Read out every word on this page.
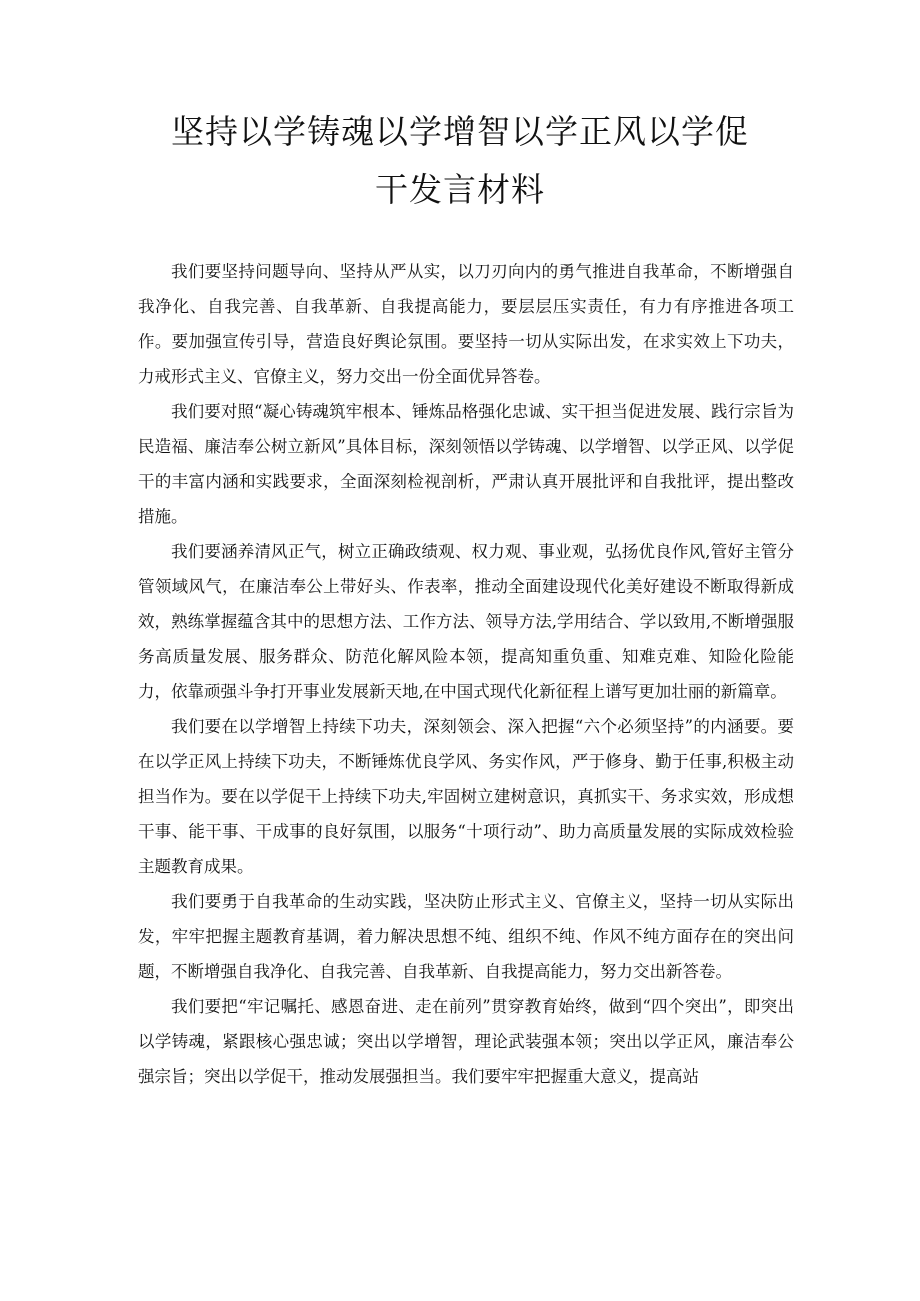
坚持以学铸魂以学增智以学正风以学促
干发言材料

我们要坚持问题导向、坚持从严从实，以刀刃向内的勇气推进自我革命，不断增强自我净化、自我完善、自我革新、自我提高能力，要层层压实责任，有力有序推进各项工作。要加强宣传引导，营造良好舆论氛围。要坚持一切从实际出发，在求实效上下功夫，力戒形式主义、官僚主义，努力交出一份全面优异答卷。

我们要对照“凝心铸魂筑牢根本、锤炼品格强化忠诚、实干担当促进发展、践行宗旨为民造福、廉洁奉公树立新风”具体目标，深刻领悟以学铸魂、以学增智、以学正风、以学促干的丰富内涵和实践要求，全面深刻检视剖析，严肃认真开展批评和自我批评，提出整改措施。

我们要涵养清风正气，树立正确政绩观、权力观、事业观，弘扬优良作风,管好主管分管领域风气，在廉洁奉公上带好头、作表率，推动全面建设现代化美好建设不断取得新成效，熟练掌握蕴含其中的思想方法、工作方法、领导方法,学用结合、学以致用,不断增强服务高质量发展、服务群众、防范化解风险本领，提高知重负重、知难克难、知险化险能力，依靠顽强斗争打开事业发展新天地,在中国式现代化新征程上谱写更加壮丽的新篇章。

我们要在以学增智上持续下功夫，深刻领会、深入把握“六个必须坚持”的内涵要。要在以学正风上持续下功夫，不断锤炼优良学风、务实作风，严于修身、勤于任事,积极主动担当作为。要在以学促干上持续下功夫,牢固树立建树意识，真抓实干、务求实效，形成想干事、能干事、干成事的良好氛围，以服务“十项行动”、助力高质量发展的实际成效检验主题教育成果。

我们要勇于自我革命的生动实践，坚决防止形式主义、官僚主义，坚持一切从实际出发，牢牢把握主题教育基调，着力解决思想不纯、组织不纯、作风不纯方面存在的突出问题，不断增强自我净化、自我完善、自我革新、自我提高能力，努力交出新答卷。

我们要把“牢记嘱托、感恩奋进、走在前列”贯穿教育始终，做到“四个突出”，即突出以学铸魂，紧跟核心强忠诚；突出以学增智，理论武装强本领；突出以学正风，廉洁奉公强宗旨；突出以学促干，推动发展强担当。我们要牢牢把握重大意义，提高站
